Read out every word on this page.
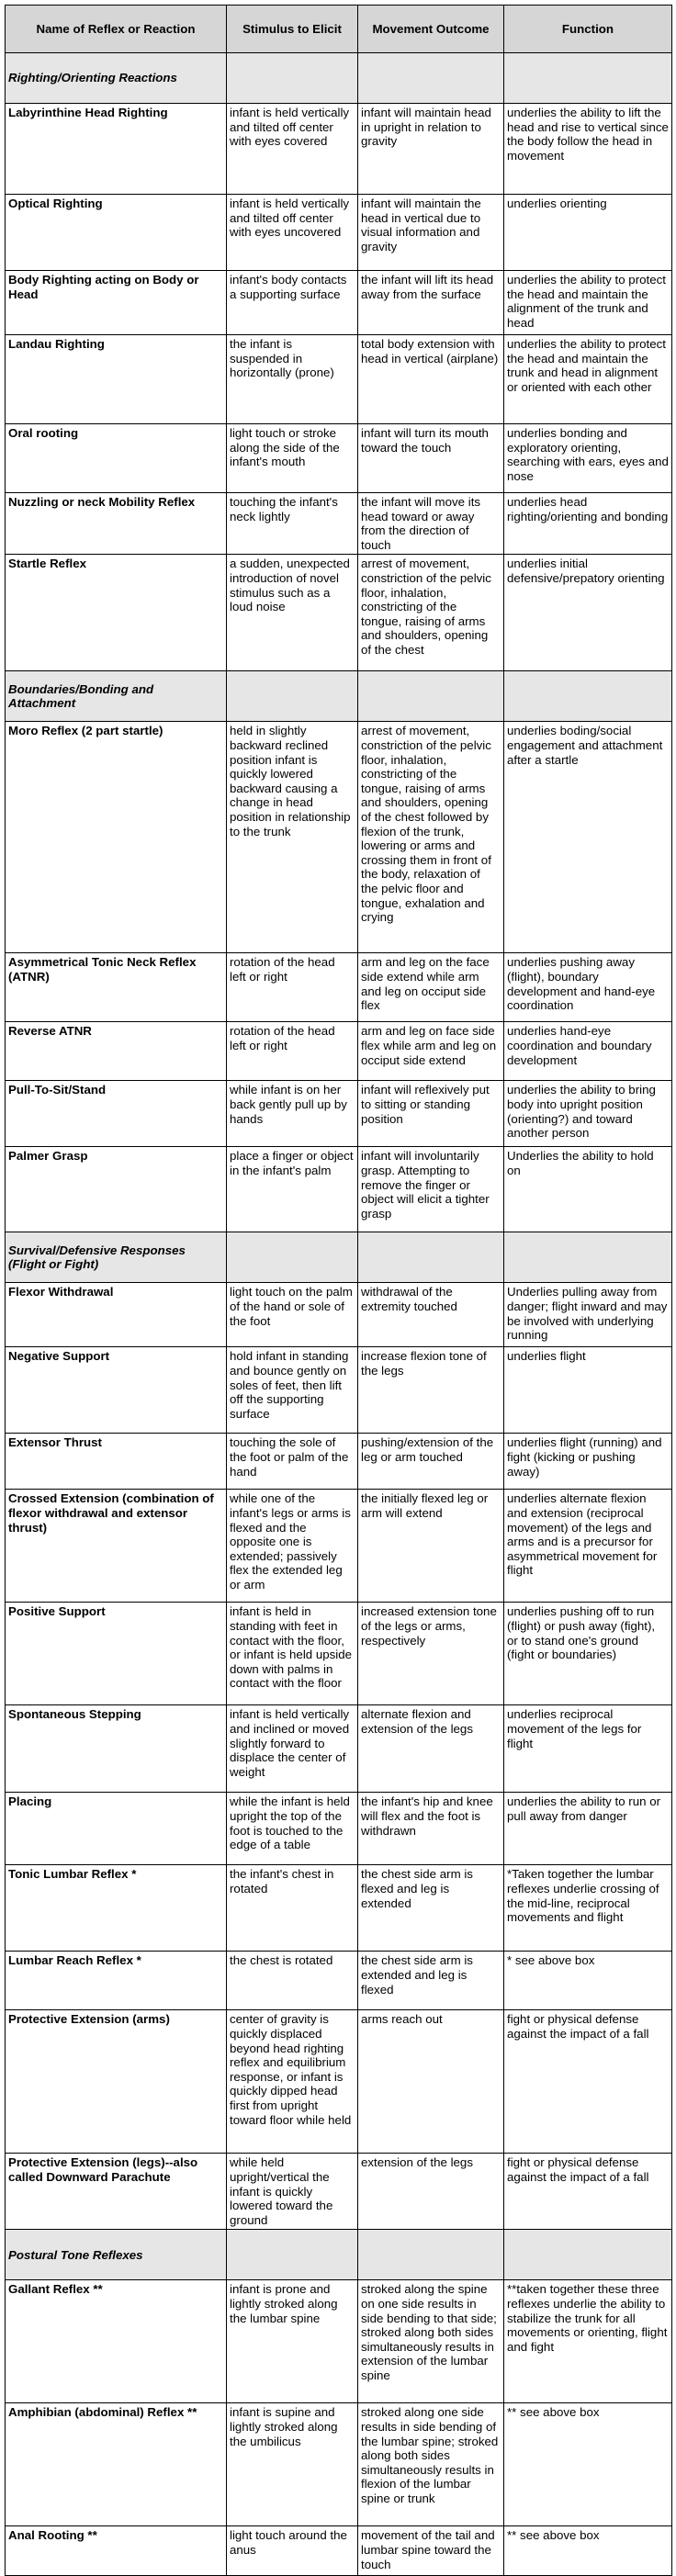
Name of Reflex or Reaction	Stimulus to Elicit	Movement Outcome	Function
Righting/Orienting Reactions			
Labyrinthine Head Righting	infant is held vertically and tilted off center with eyes covered	infant will maintain head in upright in relation to gravity	underlies the ability to lift the head and rise to vertical since the body follow the head in movement
Optical Righting	infant is held vertically and tilted off center with eyes uncovered	infant will maintain the head in vertical due to visual information and gravity	underlies orienting
Body Righting acting on Body or Head	infant's body contacts a supporting surface	the infant will lift its head away from the surface	underlies the ability to protect the head and maintain the alignment of the trunk and head
Landau Righting	the infant is suspended in horizontally (prone)	total body extension with head in vertical (airplane)	underlies the ability to protect the head and maintain the trunk and head in alignment or oriented with each other
Oral rooting	light touch or stroke along the side of the infant's mouth	infant will turn its mouth toward the touch	underlies bonding and exploratory orienting, searching with ears, eyes and nose
Nuzzling or neck Mobility Reflex	touching the infant's neck lightly	the infant will move its head toward or away from the direction of touch	underlies head righting/orienting and bonding
Startle Reflex	a sudden, unexpected introduction of novel stimulus such as a loud noise	arrest of movement, constriction of the pelvic floor, inhalation, constricting of the tongue, raising of arms and shoulders, opening of the chest	underlies initial defensive/prepatory orienting
Boundaries/Bonding and Attachment			
Moro Reflex (2 part startle)	held in slightly backward reclined position infant is quickly lowered backward causing a change in head position in relationship to the trunk	arrest of movement, constriction of the pelvic floor, inhalation, constricting of the tongue, raising of arms and shoulders, opening of the chest followed by flexion of the trunk, lowering or arms and crossing them in front of the body, relaxation of the pelvic floor and tongue, exhalation and crying	underlies boding/social engagement and attachment after a startle
Asymmetrical Tonic Neck Reflex (ATNR)	rotation of the head left or right	arm and leg on the face side extend while arm and leg on occiput side flex	underlies pushing away (flight), boundary development and hand-eye coordination
Reverse ATNR	rotation of the head left or right	arm and leg on face side flex while arm and leg on occiput side extend	underlies hand-eye coordination and boundary development
Pull-To-Sit/Stand	while infant is on her back gently pull up by hands	infant will reflexively put to sitting or standing position	underlies the ability to bring body into upright position (orienting?) and toward another person
Palmer Grasp	place a finger or object in the infant's palm	infant will involuntarily grasp. Attempting to remove the finger or object will elicit a tighter grasp	Underlies the ability to hold on
Survival/Defensive Responses (Flight or Fight)			
Flexor Withdrawal	light touch on the palm of the hand or sole of the foot	withdrawal of the extremity touched	Underlies pulling away from danger; flight inward and may be involved with underlying running
Negative Support	hold infant in standing and bounce gently on soles of feet, then lift off the supporting surface	increase flexion tone of the legs	underlies flight
Extensor Thrust	touching the sole of the foot or palm of the hand	pushing/extension of the leg or arm touched	underlies flight (running) and fight (kicking or pushing away)
Crossed Extension (combination of flexor withdrawal and extensor thrust)	while one of the infant's legs or arms is flexed and the opposite one is extended; passively flex the extended leg or arm	the initially flexed leg or arm will extend	underlies alternate flexion and extension (reciprocal movement) of the legs and arms and is a precursor for asymmetrical movement for flight
Positive Support	infant is held in standing with feet in contact with the floor, or infant is held upside down with palms in contact with the floor	increased extension tone of the legs or arms, respectively	underlies pushing off to run (flight) or push away (fight), or to stand one's ground (fight or boundaries)
Spontaneous Stepping	infant is held vertically and inclined or moved slightly forward to displace the center of weight	alternate flexion and extension of the legs	underlies reciprocal movement of the legs for flight
Placing	while the infant is held upright the top of the foot is touched to the edge of a table	the infant's hip and knee will flex and the foot is withdrawn	underlies the ability to run or pull away from danger
Tonic Lumbar Reflex *	the infant's chest in rotated	the chest side arm is flexed and leg is extended	*Taken together the lumbar reflexes underlie crossing of the mid-line, reciprocal movements and flight
Lumbar Reach Reflex *	the chest is rotated	the chest side arm is extended and leg is flexed	* see above box
Protective Extension (arms)	center of gravity is quickly displaced beyond head righting reflex and equilibrium response, or infant is quickly dipped head first from upright toward floor while held	arms reach out	fight or physical defense against the impact of a fall
Protective Extension (legs)--also called Downward Parachute	while held upright/vertical the infant is quickly lowered toward the ground	extension of the legs	fight or physical defense against the impact of a fall
Postural Tone Reflexes			
Gallant Reflex **	infant is prone and lightly stroked along the lumbar spine	stroked along the spine on one side results in side bending to that side; stroked along both sides simultaneously results in extension of the lumbar spine	**taken together these three reflexes underlie the ability to stabilize the trunk for all movements or orienting, flight and fight
Amphibian (abdominal) Reflex **	infant is supine and lightly stroked along the umbilicus	stroked along one side results in side bending of the lumbar spine; stroked along both sides simultaneously results in flexion of the lumbar spine or trunk	** see above box
Anal Rooting **	light touch around the anus	movement of the tail and lumbar spine toward the touch	** see above box
